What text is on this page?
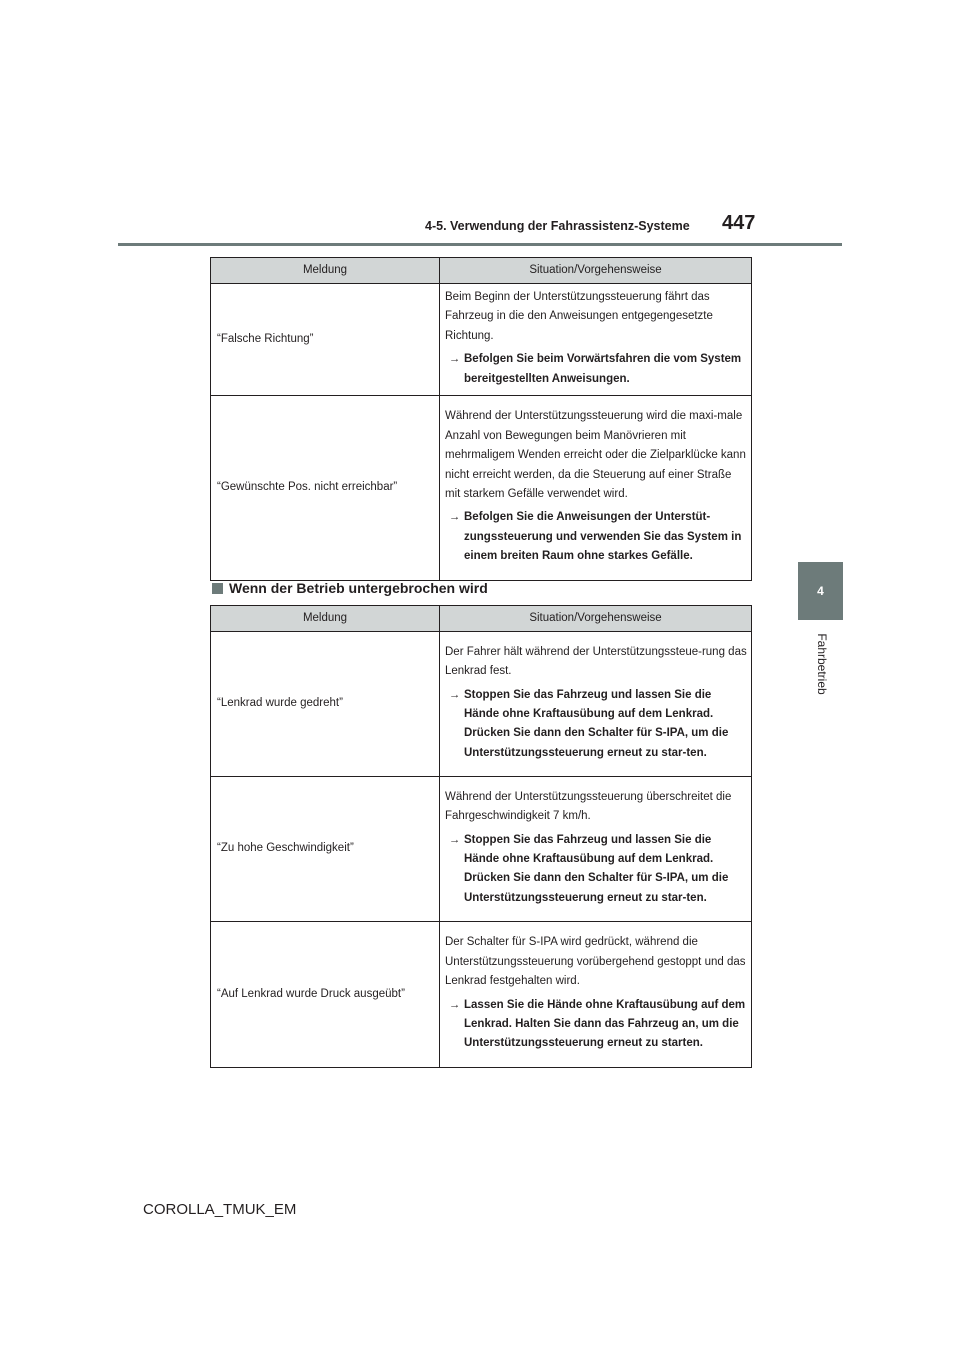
4-5. Verwendung der Fahrassistenz-Systeme 447
4
Fahrbetrieb
Meldung	Situation/Vorgehensweise
“Falsche Richtung”	Beim Beginn der Unterstützungssteuerung fährt das Fahrzeug in die den Anweisungen entgegengesetzte Richtung.
→ Befolgen Sie beim Vorwärtsfahren die vom System bereitgestellten Anweisungen.

“Gewünschte Pos. nicht erreichbar”	Während der Unterstützungssteuerung wird die maxi-male Anzahl von Bewegungen beim Manövrieren mit mehrmaligem Wenden erreicht oder die Zielparklücke kann nicht erreicht werden, da die Steuerung auf einer Straße mit starkem Gefälle verwendet wird.
→ Befolgen Sie die Anweisungen der Unterstüt-zungssteuerung und verwenden Sie das System in einem breiten Raum ohne starkes Gefälle.
Wenn der Betrieb untergebrochen wird
Meldung	Situation/Vorgehensweise
“Lenkrad wurde gedreht”	Der Fahrer hält während der Unterstützungssteue-rung das Lenkrad fest.
→ Stoppen Sie das Fahrzeug und lassen Sie die Hände ohne Kraftausübung auf dem Lenkrad. Drücken Sie dann den Schalter für S-IPA, um die Unterstützungssteuerung erneut zu star-ten.

“Zu hohe Geschwindigkeit”	Während der Unterstützungssteuerung überschreitet die Fahrgeschwindigkeit 7 km/h.
→ Stoppen Sie das Fahrzeug und lassen Sie die Hände ohne Kraftausübung auf dem Lenkrad. Drücken Sie dann den Schalter für S-IPA, um die Unterstützungssteuerung erneut zu star-ten.

“Auf Lenkrad wurde Druck ausgeübt”	Der Schalter für S-IPA wird gedrückt, während die Unterstützungssteuerung vorübergehend gestoppt und das Lenkrad festgehalten wird.
→ Lassen Sie die Hände ohne Kraftausübung auf dem Lenkrad. Halten Sie dann das Fahrzeug an, um die Unterstützungssteuerung erneut zu starten.
COROLLA_TMUK_EM
